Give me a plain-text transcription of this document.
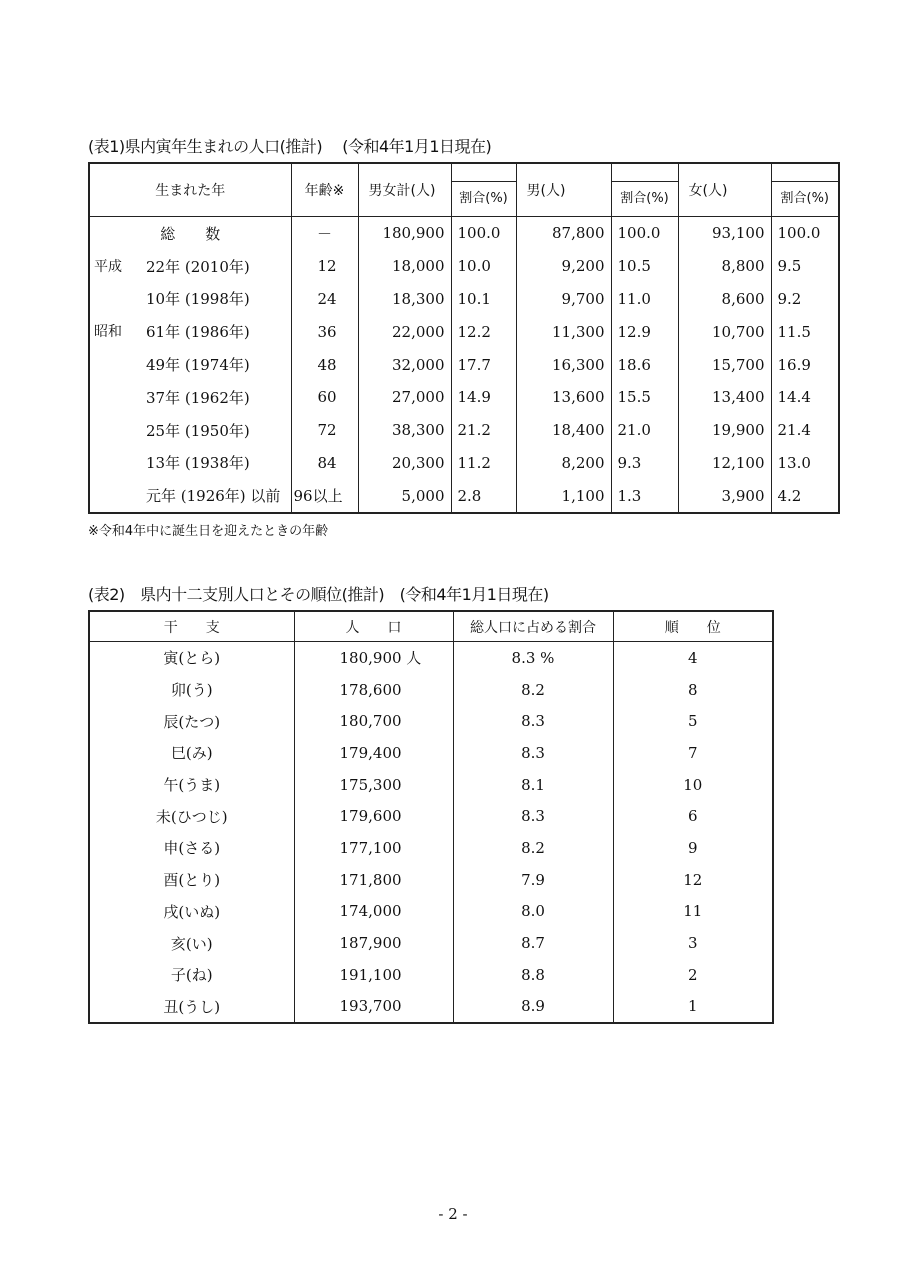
(表1)県内寅年生まれの人口(推計)　 (令和4年1月1日現在)
生まれた年	年齢※	男女計(人)	割合(%)	男(人)	割合(%)	女(人)	割合(%)

総　　数	－	180,900	100.0	87,800	100.0	93,100	100.0

平成 22年 (2010年)	12	18,000	10.0	9,200	10.5	8,800	9.5

10年 (1998年)	24	18,300	10.1	9,700	11.0	8,600	9.2

昭和 61年 (1986年)	36	22,000	12.2	11,300	12.9	10,700	11.5

49年 (1974年)	48	32,000	17.7	16,300	18.6	15,700	16.9

37年 (1962年)	60	27,000	14.9	13,600	15.5	13,400	14.4

25年 (1950年)	72	38,300	21.2	18,400	21.0	19,900	21.4

13年 (1938年)	84	20,300	11.2	8,200	9.3	12,100	13.0

元年 (1926年) 以前	96以上	5,000	2.8	1,100	1.3	3,900	4.2
※令和4年中に誕生日を迎えたときの年齢
(表2)　県内十二支別人口とその順位(推計)　(令和4年1月1日現在)
干　　支	人　　口	総人口に占める割合	順　　位
寅(とら)	180,900 人	8.3 %	4
卯(う)	178,600	8.2	8
辰(たつ)	180,700	8.3	5
巳(み)	179,400	8.3	7
午(うま)	175,300	8.1	10
未(ひつじ)	179,600	8.3	6
申(さる)	177,100	8.2	9
酉(とり)	171,800	7.9	12
戌(いぬ)	174,000	8.0	11
亥(い)	187,900	8.7	3
子(ね)	191,100	8.8	2
丑(うし)	193,700	8.9	1
- 2 -
